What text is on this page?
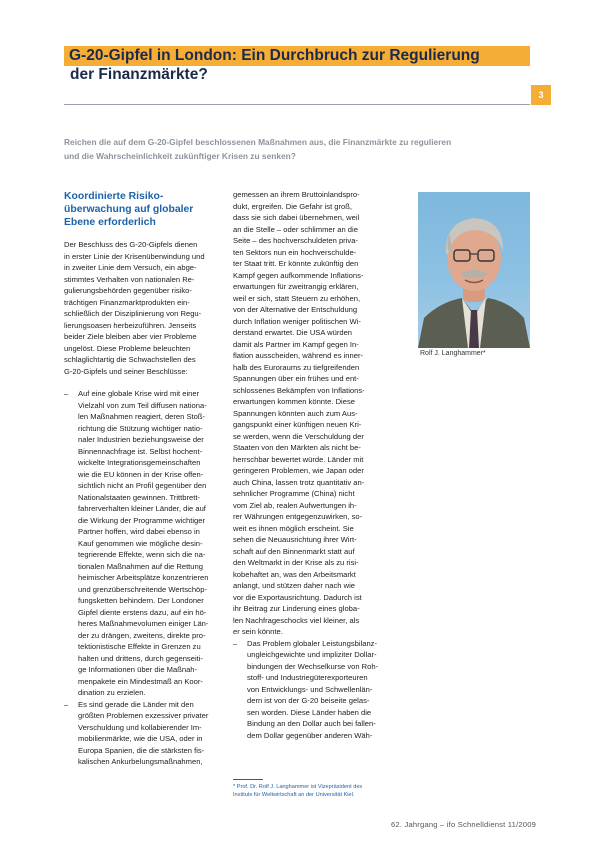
G-20-Gipfel in London: Ein Durchbruch zur Regulierung
der Finanzmärkte?
3

Reichen die auf dem G-20-Gipfel beschlossenen Maßnahmen aus, die Finanzmärkte zu regulieren

und die Wahrscheinlichkeit zukünftiger Krisen zu senken?

Koordinierte Risiko-

überwachung auf globaler

Ebene erforderlich

Der Beschluss des G-20-Gipfels dienen

in erster Linie der Krisenüberwindung und

in zweiter Linie dem Versuch, ein abge-

stimmtes Verhalten von nationalen Re-

gulierungsbehörden gegenüber risiko-

trächtigen Finanzmarktprodukten ein-

schließlich der Disziplinierung von Regu-

lierungsoasen herbeizuführen. Jenseits

beider Ziele bleiben aber vier Probleme

ungelöst. Diese Probleme beleuchten

schlaglichtartig die Schwachstellen des

G-20-Gipfels und seiner Beschlüsse:

–	Auf eine globale Krise wird mit einer

Vielzahl von zum Teil diffusen nationa-

len Maßnahmen reagiert, deren Stoß-

richtung die Stützung wichtiger natio-

naler Industrien beziehungsweise der

Binnennachfrage ist. Selbst hochent-

wickelte Integrationsgemeinschaften

wie die EU können in der Krise offen-

sichtlich nicht an Profil gegenüber den

Nationalstaaten gewinnen. Trittbrett-

fahrerverhalten kleiner Länder, die auf

die Wirkung der Programme wichtiger

Partner hoffen, wird dabei ebenso in

Kauf genommen wie mögliche desin-

tegrierende Effekte, wenn sich die na-

tionalen Maßnahmen auf die Rettung

heimischer Arbeitsplätze konzentrieren

und grenzüberschreitende Wertschöp-

fungsketten behindern. Der Londoner

Gipfel diente erstens dazu, auf ein hö-

heres Maßnahmevolumen einiger Län-

der zu drängen, zweitens, direkte pro-

tektionistische Effekte in Grenzen zu

halten und drittens, durch gegenseiti-

ge Informationen über die Maßnah-

menpakete ein Mindestmaß an Koor-

dination zu erzielen.

–	Es sind gerade die Länder mit den

größten Problemen exzessiver privater

Verschuldung und kollabierender Im-

mobilienmärkte, wie die USA, oder in

Europa Spanien, die die stärksten fis-

kalischen Ankurbelungsmaßnahmen,

gemessen an ihrem Bruttoinlandspro-

dukt, ergreifen. Die Gefahr ist groß,

dass sie sich dabei übernehmen, weil

an die Stelle – oder schlimmer an die

Seite – des hochverschuldeten priva-

ten Sektors nun ein hochverschulde-

ter Staat tritt. Er könnte zukünftig den

Kampf gegen aufkommende Inflations-

erwartungen für zweitrangig erklären,

weil er sich, statt Steuern zu erhöhen,

von der Alternative der Entschuldung

durch Inflation weniger politischen Wi-

derstand erwartet. Die USA würden

damit als Partner im Kampf gegen In-

flation ausscheiden, während es inner-

halb des Euroraums zu tiefgreifenden

Spannungen über ein frühes und ent-

schlossenes Bekämpfen von Inflations-

erwartungen kommen könnte. Diese

Spannungen könnten auch zum Aus-

gangspunkt einer künftigen neuen Kri-

se werden, wenn die Verschuldung der

Staaten von den Märkten als nicht be-

herrschbar bewertet würde. Länder mit

geringeren Problemen, wie Japan oder

auch China, lassen trotz quantitativ an-

sehnlicher Programme (China) nicht

vom Ziel ab, realen Aufwertungen ih-

rer Währungen entgegenzuwirken, so-

weit es ihnen möglich erscheint. Sie

sehen die Neuausrichtung ihrer Wirt-

schaft auf den Binnenmarkt statt auf

den Weltmarkt in der Krise als zu risi-

kobehaftet an, was den Arbeitsmarkt

anlangt, und stützen daher nach wie

vor die Exportausrichtung. Dadurch ist

ihr Beitrag zur Linderung eines globa-

len Nachfrageschocks viel kleiner, als

er sein könnte.

–	Das Problem globaler Leistungsbilanz-

ungleichgewichte und impliziter Dollar-

bindungen der Wechselkurse von Roh-

stoff- und Industriegüterexporteuren

von Entwicklungs- und Schwellenlän-

dern ist von der G-20 beiseite gelas-

sen worden. Diese Länder haben die

Bindung an den Dollar auch bei fallen-

dem Dollar gegenüber anderen Wäh-

Rolf J. Langhammer*

* Prof. Dr. Rolf J. Langhammer ist Vizepräsident des

Instituts für Weltwirtschaft an der Universität Kiel.

62. Jahrgang – ifo Schnelldienst 11/2009
